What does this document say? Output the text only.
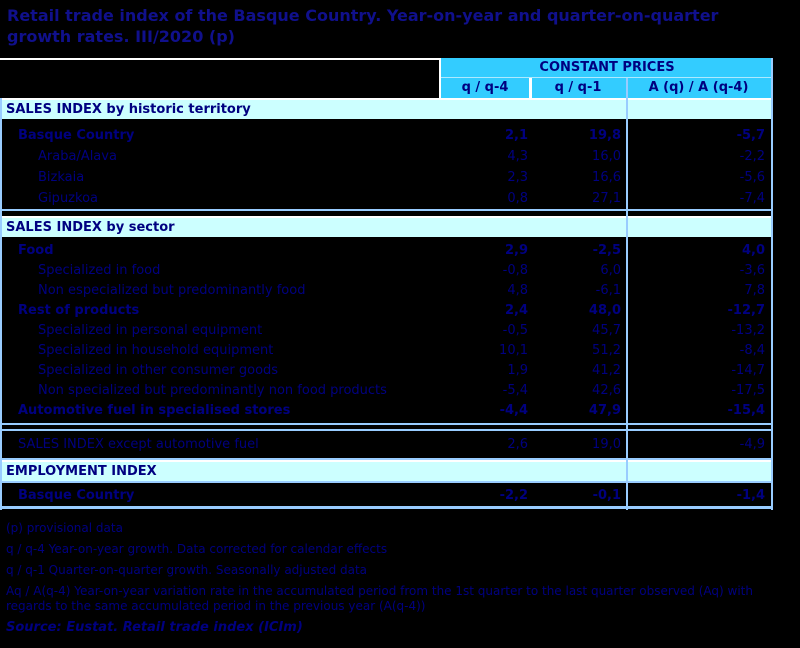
Retail trade index of the Basque Country. Year-on-year and quarter-on-quarter growth rates. III/2020 (p)
CONSTANT PRICES
q / q-4	q / q-1	A (q) / A (q-4)
SALES INDEX by historic territory
Basque Country	2,1	19,8	-5,7
Araba/Álava	4,3	16,0	-2,2
Bizkaia	2,3	16,6	-5,6
Gipuzkoa	0,8	27,1	-7,4
SALES INDEX by sector
Food	2,9	-2,5	4,0
Specialized in food	-0,8	6,0	-3,6
Non especialized but predominantly food	4,8	-6,1	7,8
Rest of products	2,4	48,0	-12,7
Specialized in personal equipment	-0,5	45,7	-13,2
Specialized in household equipment	10,1	51,2	-8,4
Specialized in other consumer goods	1,9	41,2	-14,7
Non specialized but predominantly non food products	-5,4	42,6	-17,5
Automotive fuel in specialised stores	-4,4	47,9	-15,4
SALES INDEX except automotive fuel	2,6	19,0	-4,9
EMPLOYMENT INDEX
Basque Country	-2,2	-0,1	-1,4
(p) provisional data
q / q-4 Year-on-year growth. Data corrected for calendar effects
q / q-1 Quarter-on-quarter growth. Seasonally adjusted data
Aq / A(q-4) Year-on-year variation rate in the accumulated period from the 1st quarter to the last quarter observed (Aq) with regards to the same accumulated period in the previous year (A(q-4))
Source: Eustat. Retail trade index (ICIm)
